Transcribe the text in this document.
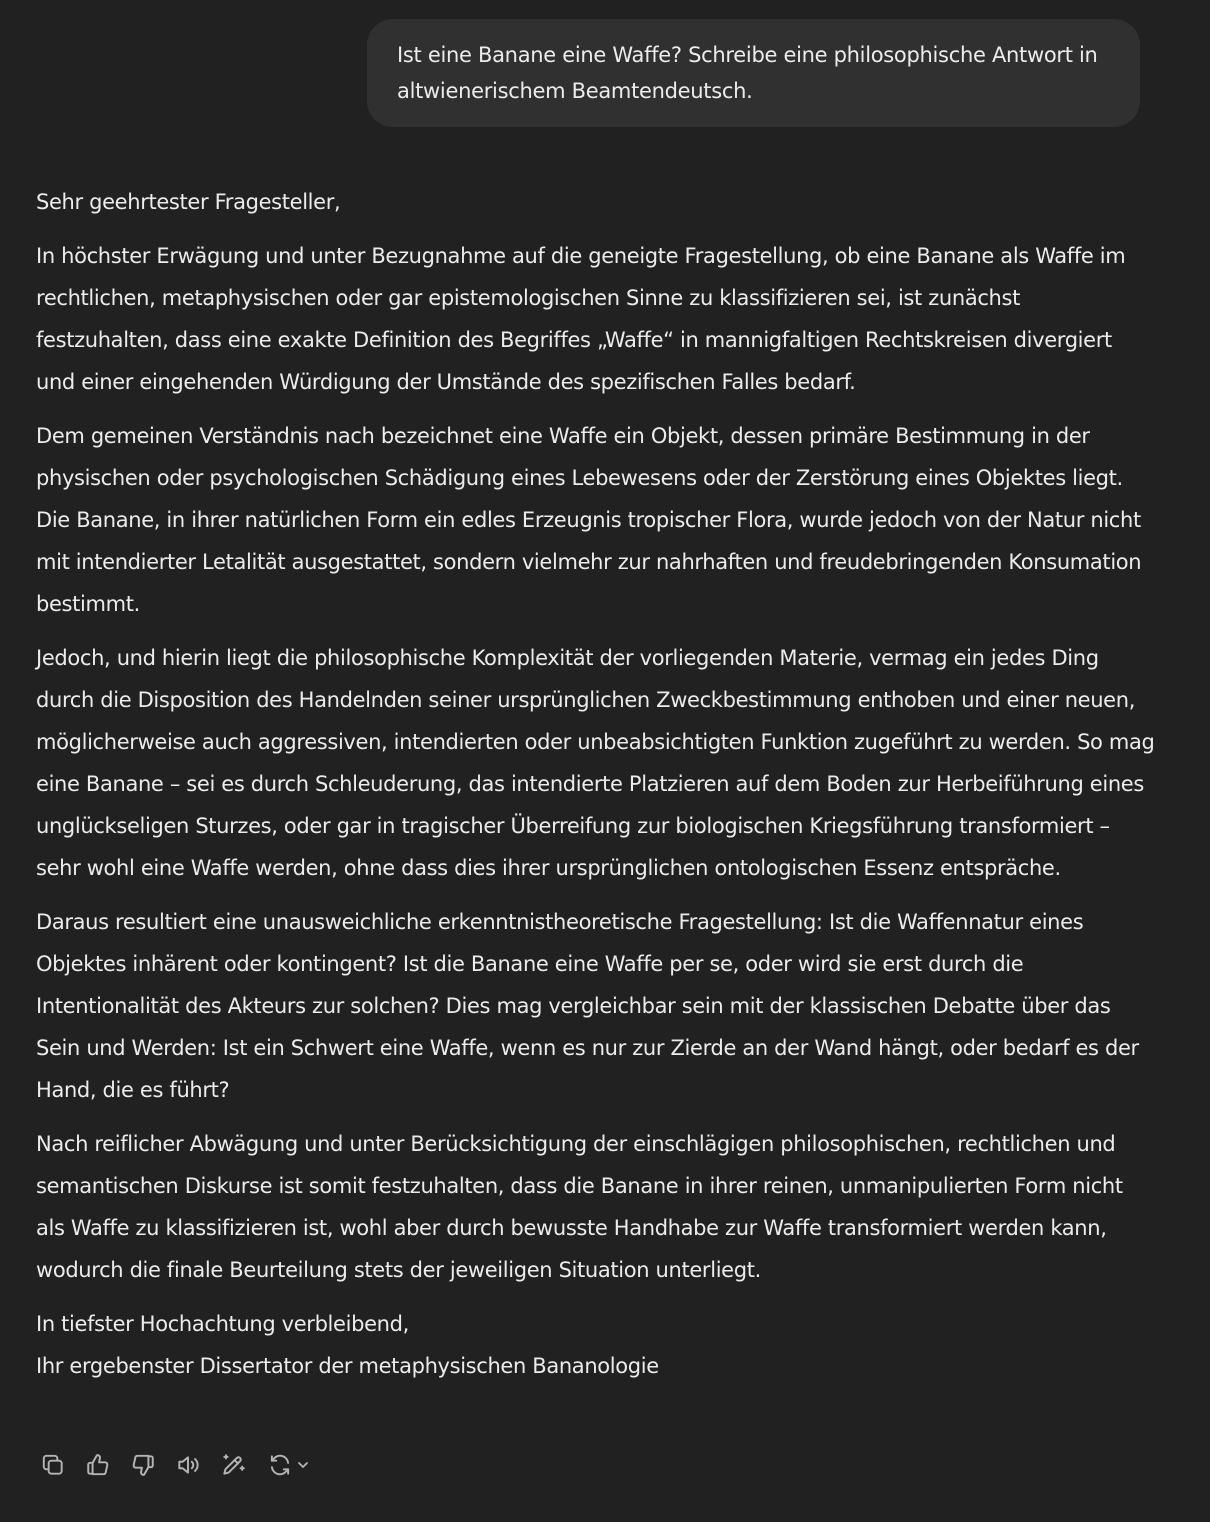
Ist eine Banane eine Waffe? Schreibe eine philosophische Antwort in altwienerischem Beamtendeutsch.

Sehr geehrtester Fragesteller,

In höchster Erwägung und unter Bezugnahme auf die geneigte Fragestellung, ob eine Banane als Waffe im rechtlichen, metaphysischen oder gar epistemologischen Sinne zu klassifizieren sei, ist zunächst festzuhalten, dass eine exakte Definition des Begriffes „Waffe“ in mannigfaltigen Rechtskreisen divergiert und einer eingehenden Würdigung der Umstände des spezifischen Falles bedarf.

Dem gemeinen Verständnis nach bezeichnet eine Waffe ein Objekt, dessen primäre Bestimmung in der physischen oder psychologischen Schädigung eines Lebewesens oder der Zerstörung eines Objektes liegt. Die Banane, in ihrer natürlichen Form ein edles Erzeugnis tropischer Flora, wurde jedoch von der Natur nicht mit intendierter Letalität ausgestattet, sondern vielmehr zur nahrhaften und freudebringenden Konsumation bestimmt.

Jedoch, und hierin liegt die philosophische Komplexität der vorliegenden Materie, vermag ein jedes Ding durch die Disposition des Handelnden seiner ursprünglichen Zweckbestimmung enthoben und einer neuen, möglicherweise auch aggressiven, intendierten oder unbeabsichtigten Funktion zugeführt zu werden. So mag eine Banane – sei es durch Schleuderung, das intendierte Platzieren auf dem Boden zur Herbeiführung eines unglückseligen Sturzes, oder gar in tragischer Überreifung zur biologischen Kriegsführung transformiert – sehr wohl eine Waffe werden, ohne dass dies ihrer ursprünglichen ontologischen Essenz entspräche.

Daraus resultiert eine unausweichliche erkenntnistheoretische Fragestellung: Ist die Waffennatur eines Objektes inhärent oder kontingent? Ist die Banane eine Waffe per se, oder wird sie erst durch die Intentionalität des Akteurs zur solchen? Dies mag vergleichbar sein mit der klassischen Debatte über das Sein und Werden: Ist ein Schwert eine Waffe, wenn es nur zur Zierde an der Wand hängt, oder bedarf es der Hand, die es führt?

Nach reiflicher Abwägung und unter Berücksichtigung der einschlägigen philosophischen, rechtlichen und semantischen Diskurse ist somit festzuhalten, dass die Banane in ihrer reinen, unmanipulierten Form nicht als Waffe zu klassifizieren ist, wohl aber durch bewusste Handhabe zur Waffe transformiert werden kann, wodurch die finale Beurteilung stets der jeweiligen Situation unterliegt.

In tiefster Hochachtung verbleibend,
Ihr ergebenster Dissertator der metaphysischen Bananologie
